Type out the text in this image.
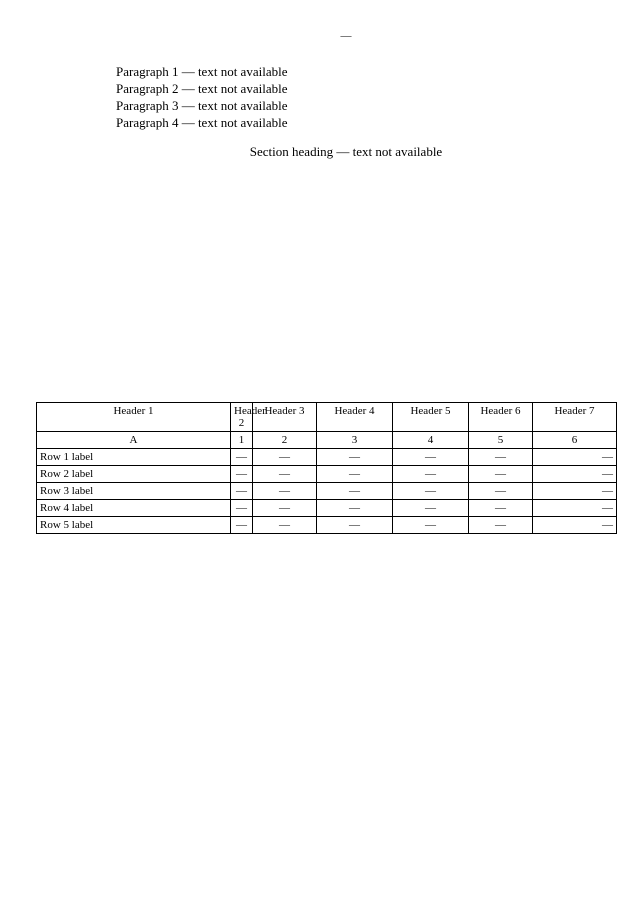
—

Paragraph 1 — text not available

Paragraph 2 — text not available

Paragraph 3 — text not available

Paragraph 4 — text not available

Section heading — text not available
Header 1	Header 2	Header 3	Header 4	Header 5	Header 6	Header 7
A	1	2	3	4	5	6
Row 1 label	—	—	—	—	—	—
Row 2 label	—	—	—	—	—	—
Row 3 label	—	—	—	—	—	—
Row 4 label	—	—	—	—	—	—
Row 5 label	—	—	—	—	—	—
